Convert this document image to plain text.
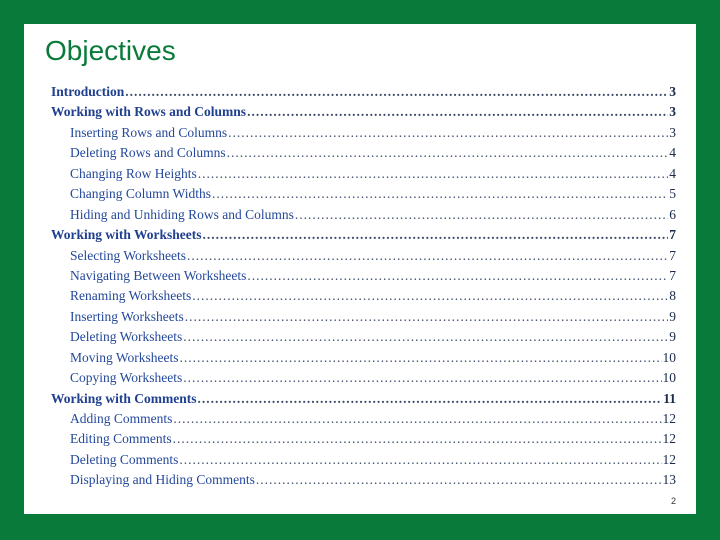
Objectives
Introduction .....	3
Working with Rows and Columns .....	3
Inserting Rows and Columns .....	3
Deleting Rows and Columns .....	4
Changing Row Heights .....	4
Changing Column Widths .....	5
Hiding and Unhiding Rows and Columns .....	6
Working with Worksheets .....	7
Selecting Worksheets .....	7
Navigating Between Worksheets .....	7
Renaming Worksheets .....	8
Inserting Worksheets .....	9
Deleting Worksheets .....	9
Moving Worksheets .....	10
Copying Worksheets .....	10
Working with Comments .....	11
Adding Comments .....	12
Editing Comments .....	12
Deleting Comments .....	12
Displaying and Hiding Comments .....	13
2
